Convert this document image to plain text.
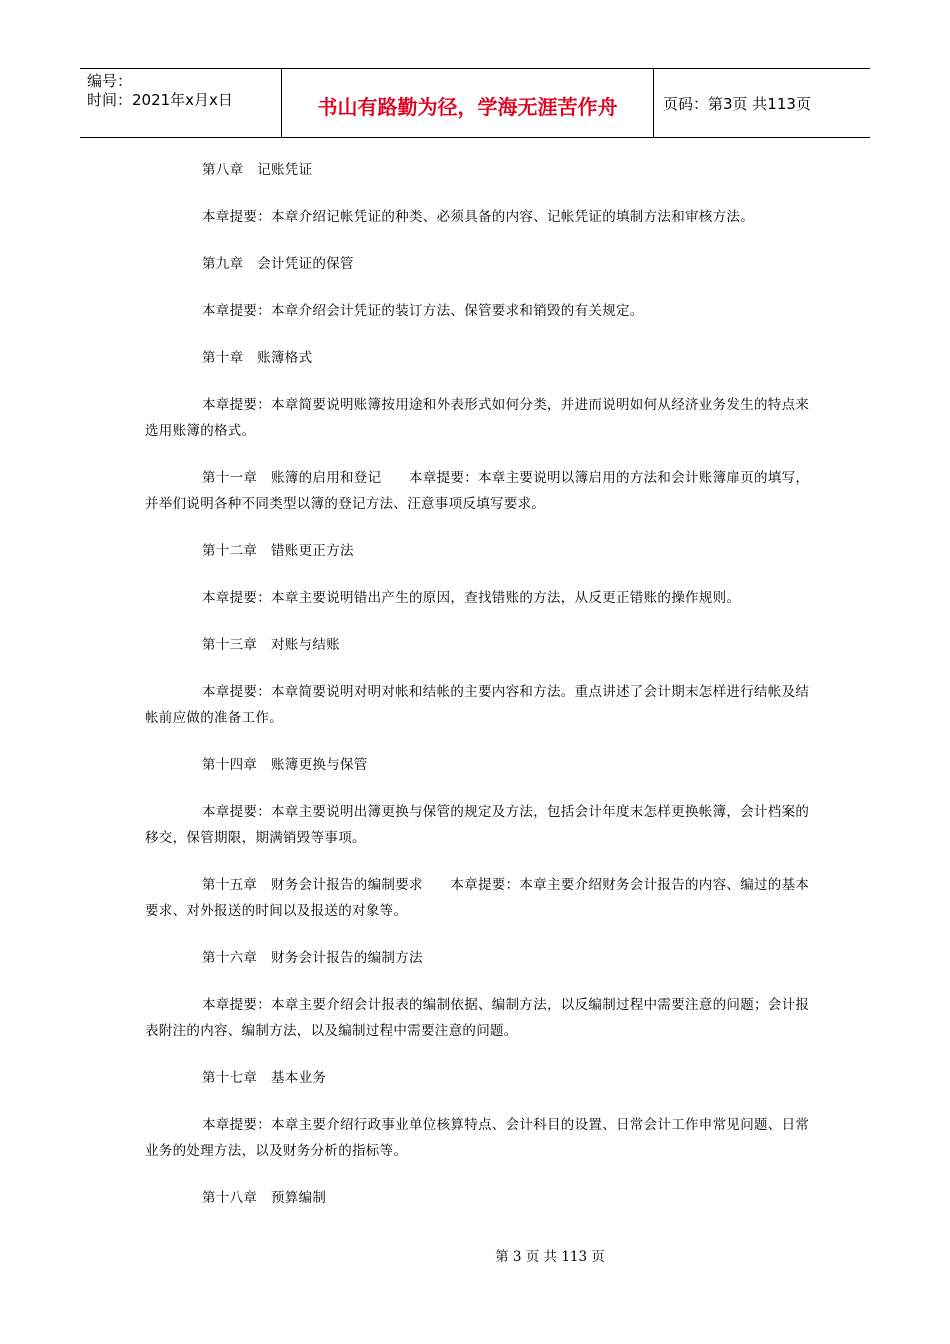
编号：
时间：2021年x月x日	书山有路勤为径，学海无涯苦作舟	页码：第3页 共113页

第八章　记账凭证

本章提要：本章介绍记帐凭证的种类、必须具备的内容、记帐凭证的填制方法和审核方法。

第九章　会计凭证的保管

本章提要：本章介绍会计凭证的装订方法、保管要求和销毁的有关规定。

第十章　账簿格式

本章提要：本章简要说明账簿按用途和外表形式如何分类，并进而说明如何从经济业务发生的特点来选用账簿的格式。

第十一章　账簿的启用和登记　　本章提要：本章主要说明以簿启用的方法和会计账簿扉页的填写，并举们说明各种不同类型以簿的登记方法、汪意事项反填写要求。

第十二章　错账更正方法

本章提要：本章主要说明错出产生的原因，查找错账的方法，从反更正错账的操作规则。

第十三章　对账与结账

本章提要：本章简要说明对明对帐和结帐的主要内容和方法。重点讲述了会计期末怎样进行结帐及结帐前应做的准备工作。

第十四章　账簿更换与保管

本章提要：本章主要说明出簿更换与保管的规定及方法，包括会计年度末怎样更换帐簿，会计档案的移交，保管期限，期满销毁等事项。

第十五章　财务会计报告的编制要求　　本章提要：本章主要介绍财务会计报告的内容、编过的基本要求、对外报送的时间以及报送的对象等。

第十六章　财务会计报告的编制方法

本章提要：本章主要介绍会计报表的编制依据、编制方法，以反编制过程中需要注意的问题；会计报表附注的内容、编制方法，以及编制过程中需要注意的问题。

第十七章　基本业务

本章提要：本章主要介绍行政事业单位核算特点、会计科目的设置、日常会计工作申常见问题、日常业务的处理方法，以及财务分析的指标等。

第十八章　预算编制

第 3 页 共 113 页
